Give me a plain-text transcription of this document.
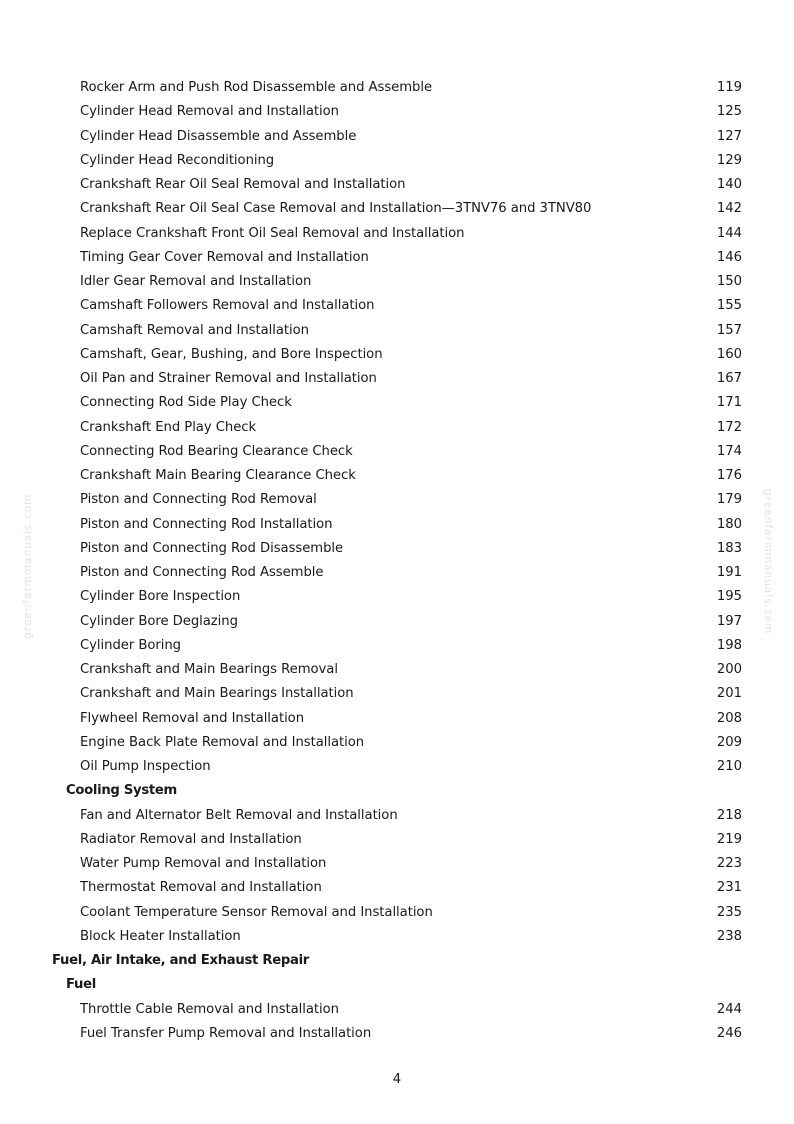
Rocker Arm and Push Rod Disassemble and Assemble	119
Cylinder Head Removal and Installation	125
Cylinder Head Disassemble and Assemble	127
Cylinder Head Reconditioning	129
Crankshaft Rear Oil Seal Removal and Installation	140
Crankshaft Rear Oil Seal Case Removal and Installation—3TNV76 and 3TNV80	142
Replace Crankshaft Front Oil Seal Removal and Installation	144
Timing Gear Cover Removal and Installation	146
Idler Gear Removal and Installation	150
Camshaft Followers Removal and Installation	155
Camshaft Removal and Installation	157
Camshaft, Gear, Bushing, and Bore Inspection	160
Oil Pan and Strainer Removal and Installation	167
Connecting Rod Side Play Check	171
Crankshaft End Play Check	172
Connecting Rod Bearing Clearance Check	174
Crankshaft Main Bearing Clearance Check	176
Piston and Connecting Rod Removal	179
Piston and Connecting Rod Installation	180
Piston and Connecting Rod Disassemble	183
Piston and Connecting Rod Assemble	191
Cylinder Bore Inspection	195
Cylinder Bore Deglazing	197
Cylinder Boring	198
Crankshaft and Main Bearings Removal	200
Crankshaft and Main Bearings Installation	201
Flywheel Removal and Installation	208
Engine Back Plate Removal and Installation	209
Oil Pump Inspection	210
Cooling System
Fan and Alternator Belt Removal and Installation	218
Radiator Removal and Installation	219
Water Pump Removal and Installation	223
Thermostat Removal and Installation	231
Coolant Temperature Sensor Removal and Installation	235
Block Heater Installation	238
Fuel, Air Intake, and Exhaust Repair
Fuel
Throttle Cable Removal and Installation	244
Fuel Transfer Pump Removal and Installation	246
greenfarmmanuals.com	greenfarmmanuals.com
4
